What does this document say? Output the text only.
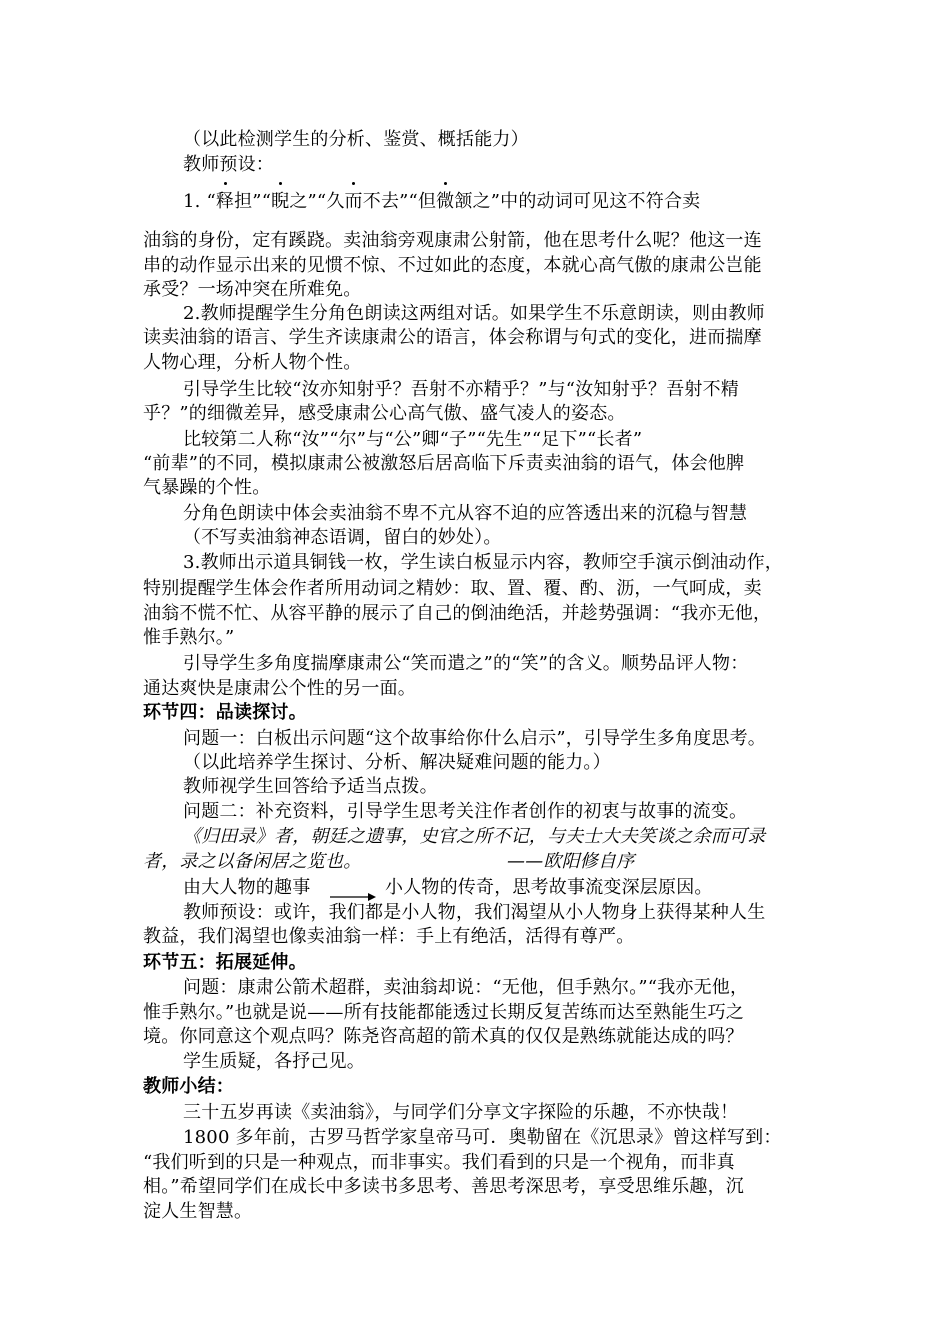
（以此检测学生的分析、鉴赏、概括能力）
教师预设：
1. “释担”“睨之”“久而不去”“但微颔之”中的动词可见这不符合卖
油翁的身份，定有蹊跷。卖油翁旁观康肃公射箭，他在思考什么呢？他这一连
串的动作显示出来的见惯不惊、不过如此的态度，本就心高气傲的康肃公岂能
承受？一场冲突在所难免。
2.教师提醒学生分角色朗读这两组对话。如果学生不乐意朗读，则由教师
读卖油翁的语言、学生齐读康肃公的语言，体会称谓与句式的变化，进而揣摩
人物心理，分析人物个性。
引导学生比较“汝亦知射乎？吾射不亦精乎？”与“汝知射乎？吾射不精
乎？”的细微差异，感受康肃公心高气傲、盛气凌人的姿态。
比较第二人称“汝”“尔”与“公”卿“子”“先生”“足下”“长者”
“前辈”的不同，模拟康肃公被激怒后居高临下斥责卖油翁的语气，体会他脾
气暴躁的个性。
分角色朗读中体会卖油翁不卑不亢从容不迫的应答透出来的沉稳与智慧
（不写卖油翁神态语调，留白的妙处）。
3.教师出示道具铜钱一枚，学生读白板显示内容，教师空手演示倒油动作，
特别提醒学生体会作者所用动词之精妙：取、置、覆、酌、沥，一气呵成，卖
油翁不慌不忙、从容平静的展示了自己的倒油绝活，并趁势强调：“我亦无他，
惟手熟尔。”
引导学生多角度揣摩康肃公“笑而遣之”的“笑”的含义。顺势品评人物：
通达爽快是康肃公个性的另一面。
环节四：品读探讨。
问题一：白板出示问题“这个故事给你什么启示”，引导学生多角度思考。
（以此培养学生探讨、分析、解决疑难问题的能力。）
教师视学生回答给予适当点拨。
问题二：补充资料，引导学生思考关注作者创作的初衷与故事的流变。
《归田录》者，朝廷之遗事，史官之所不记，与夫士大夫笑谈之余而可录
者，录之以备闲居之览也。	——欧阳修自序
由大人物的趣事	小人物的传奇，思考故事流变深层原因。
教师预设：或许，我们都是小人物，我们渴望从小人物身上获得某种人生
教益，我们渴望也像卖油翁一样：手上有绝活，活得有尊严。
环节五：拓展延伸。
问题：康肃公箭术超群，卖油翁却说：“无他，但手熟尔。”“我亦无他，
惟手熟尔。”也就是说——所有技能都能透过长期反复苦练而达至熟能生巧之
境。你同意这个观点吗？陈尧咨高超的箭术真的仅仅是熟练就能达成的吗？
学生质疑，各抒己见。
教师小结：
三十五岁再读《卖油翁》，与同学们分享文字探险的乐趣，不亦快哉！
1800 多年前，古罗马哲学家皇帝马可．奥勒留在《沉思录》曾这样写到：
“我们听到的只是一种观点，而非事实。我们看到的只是一个视角，而非真
相。”希望同学们在成长中多读书多思考、善思考深思考，享受思维乐趣，沉
淀人生智慧。
